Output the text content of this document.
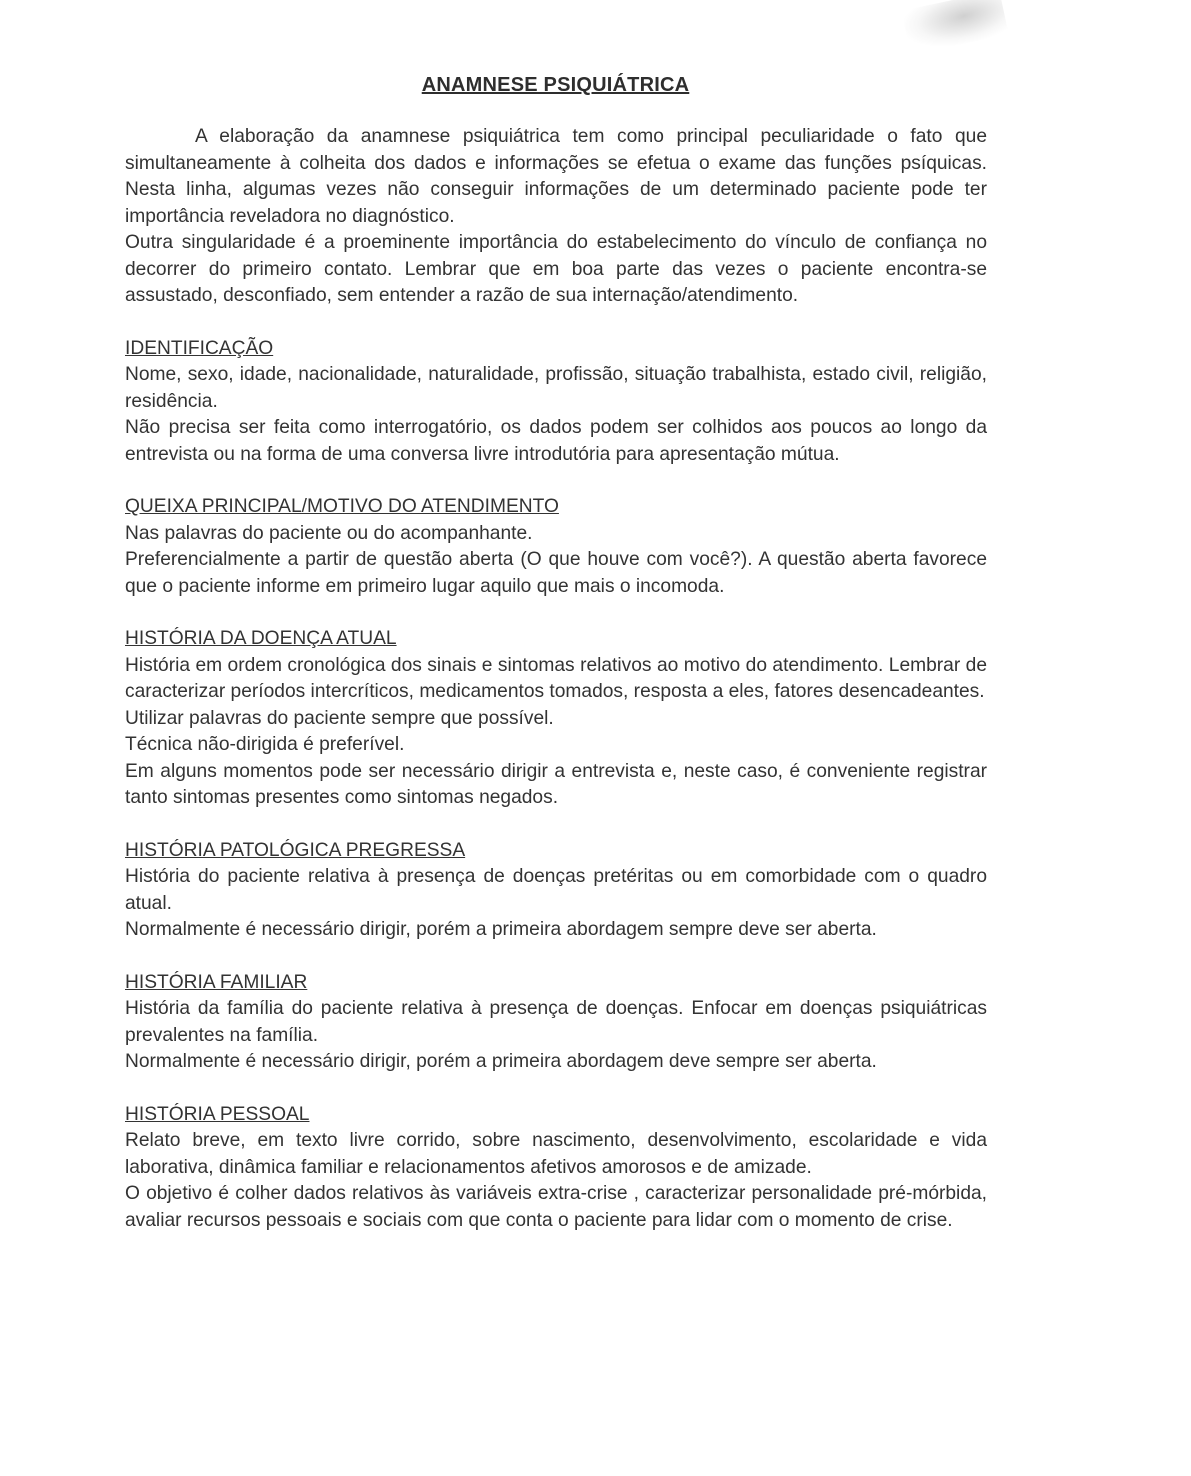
ANAMNESE PSIQUIÁTRICA

A elaboração da anamnese psiquiátrica tem como principal peculiaridade o fato que simultaneamente à colheita dos dados e informações se efetua o exame das funções psíquicas. Nesta linha, algumas vezes não conseguir informações de um determinado paciente pode ter importância reveladora no diagnóstico.

Outra singularidade é a proeminente importância do estabelecimento do vínculo de confiança no decorrer do primeiro contato. Lembrar que em boa parte das vezes o paciente encontra-se assustado, desconfiado, sem entender a razão de sua internação/atendimento.

IDENTIFICAÇÃO

Nome, sexo, idade, nacionalidade, naturalidade, profissão, situação trabalhista, estado civil, religião, residência.

Não precisa ser feita como interrogatório, os dados podem ser colhidos aos poucos ao longo da entrevista ou na forma de uma conversa livre introdutória para apresentação mútua.

QUEIXA PRINCIPAL/MOTIVO DO ATENDIMENTO

Nas palavras do paciente ou do acompanhante.

Preferencialmente a partir de questão aberta (O que houve com você?). A questão aberta favorece que o paciente informe em primeiro lugar aquilo que mais o incomoda.

HISTÓRIA DA DOENÇA ATUAL

História em ordem cronológica dos sinais e sintomas relativos ao motivo do atendimento. Lembrar de caracterizar períodos intercríticos, medicamentos tomados, resposta a eles, fatores desencadeantes.

Utilizar palavras do paciente sempre que possível.

Técnica não-dirigida é preferível.

Em alguns momentos pode ser necessário dirigir a entrevista e, neste caso, é conveniente registrar tanto sintomas presentes como sintomas negados.

HISTÓRIA PATOLÓGICA PREGRESSA

História do paciente relativa à presença de doenças pretéritas ou em comorbidade com o quadro atual.

Normalmente é necessário dirigir, porém a primeira abordagem sempre deve ser aberta.

HISTÓRIA FAMILIAR

História da família do paciente relativa à presença de doenças. Enfocar em doenças psiquiátricas prevalentes na família.

Normalmente é necessário dirigir, porém a primeira abordagem deve sempre ser aberta.

HISTÓRIA PESSOAL

Relato breve, em texto livre corrido, sobre nascimento, desenvolvimento, escolaridade e vida laborativa, dinâmica familiar e relacionamentos afetivos amorosos e de amizade.

O objetivo é colher dados relativos às variáveis extra-crise , caracterizar personalidade pré-mórbida, avaliar recursos pessoais e sociais com que conta o paciente para lidar com o momento de crise.
